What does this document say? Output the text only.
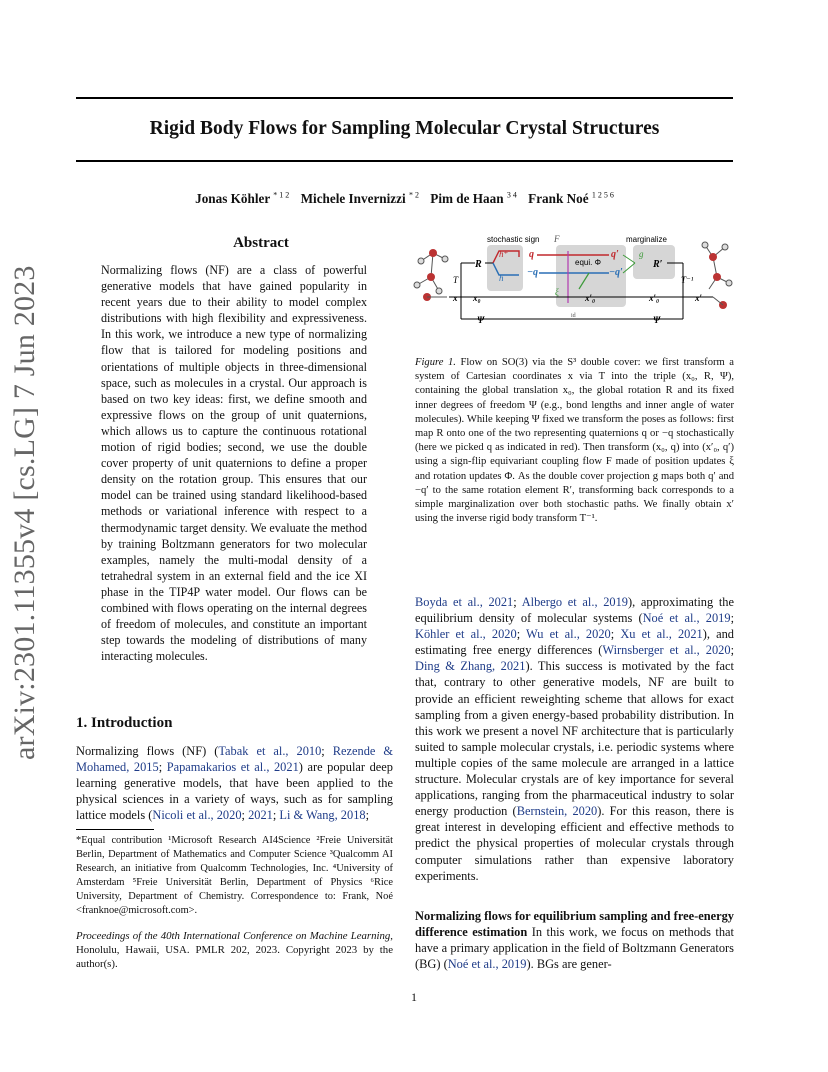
Rigid Body Flows for Sampling Molecular Crystal Structures
Jonas Köhler $^{* 1 2}$ Michele Invernizzi $^{* 2}$ Pim de Haan $^{3 4}$ Frank Noé $^{1 2 5 6}$
arXiv:2301.11355v4 [cs.LG] 7 Jun 2023
Abstract
Normalizing flows (NF) are a class of powerful generative models that have gained popularity in recent years due to their ability to model complex distributions with high flexibility and expressiveness. In this work, we introduce a new type of normalizing flow that is tailored for modeling positions and orientations of multiple objects in three-dimensional space, such as molecules in a crystal. Our approach is based on two key ideas: first, we define smooth and expressive flows on the group of unit quaternions, which allows us to capture the continuous rotational motion of rigid bodies; second, we use the double cover property of unit quaternions to define a proper density on the rotation group. This ensures that our model can be trained using standard likelihood-based methods or variational inference with respect to a thermodynamic target density. We evaluate the method by training Boltzmann generators for two molecular examples, namely the multi-modal density of a tetrahedral system in an external field and the ice XI phase in the TIP4P water model. Our flows can be combined with flows operating on the internal degrees of freedom of molecules, and constitute an important step towards the modeling of distributions of many interacting molecules.
1. Introduction

Normalizing flows (NF) (Tabak et al., 2010; Rezende & Mohamed, 2015; Papamakarios et al., 2021) are popular deep learning generative models, that have been applied to the physical sciences in a variety of ways, such as for sampling lattice models (Nicoli et al., 2020; 2021; Li & Wang, 2018;

*Equal contribution ¹Microsoft Research AI4Science ²Freie Universität Berlin, Department of Mathematics and Computer Science ³Qualcomm AI Research, an initiative from Qualcomm Technologies, Inc. ⁴University of Amsterdam ⁵Freie Universität Berlin, Department of Physics ⁶Rice University, Department of Chemistry. Correspondence to: Frank, Noé <franknoe@microsoft.com>.
Proceedings of the 40th International Conference on Machine Learning, Honolulu, Hawaii, USA. PMLR 202, 2023. Copyright 2023 by the author(s).
stochastic sign F	marginalize
x
T
R
h⁺
h
q
−q
equi. Φ
ξ
q′
−q′
g
R′
T⁻¹
x₀	x′₀	x′₀	x′
Ψ	id	Ψ
Figure 1. Flow on SO(3) via the S³ double cover: we first transform a system of Cartesian coordinates x via T into the triple (x₀, R, Ψ), containing the global translation x₀, the global rotation R and its fixed inner degrees of freedom Ψ (e.g., bond lengths and inner angle of water molecules). While keeping Ψ fixed we transform the poses as follows: first map R onto one of the two representing quaternions q or −q stochastically (here we picked q as indicated in red). Then transform (x₀, q) into (x′₀, q′) using a sign-flip equivariant coupling flow F made of position updates ξ and rotation updates Φ. As the double cover projection g maps both q′ and −q′ to the same rotation element R′, transforming back corresponds to a simple marginalization over both stochastic paths. We finally obtain x′ using the inverse rigid body transform T⁻¹.

Boyda et al., 2021; Albergo et al., 2019), approximating the equilibrium density of molecular systems (Noé et al., 2019; Köhler et al., 2020; Wu et al., 2020; Xu et al., 2021), and estimating free energy differences (Wirnsberger et al., 2020; Ding & Zhang, 2021). This success is motivated by the fact that, contrary to other generative models, NF are built to provide an efficient reweighting scheme that allows for exact sampling from a given energy-based probability distribution. In this work we present a novel NF architecture that is particularly suited to sample molecular crystals, i.e. periodic systems where multiple copies of the same molecule are arranged in a lattice structure. Molecular crystals are of key importance for several applications, ranging from the pharmaceutical industry to solar energy production (Bernstein, 2020). For this reason, there is great interest in developing efficient and effective methods to predict the physical properties of molecular crystals through computer simulations rather than expensive laboratory experiments.

Normalizing flows for equilibrium sampling and free-energy difference estimation In this work, we focus on methods that have a primary application in the field of Boltzmann Generators (BG) (Noé et al., 2019). BGs are gener-

1
